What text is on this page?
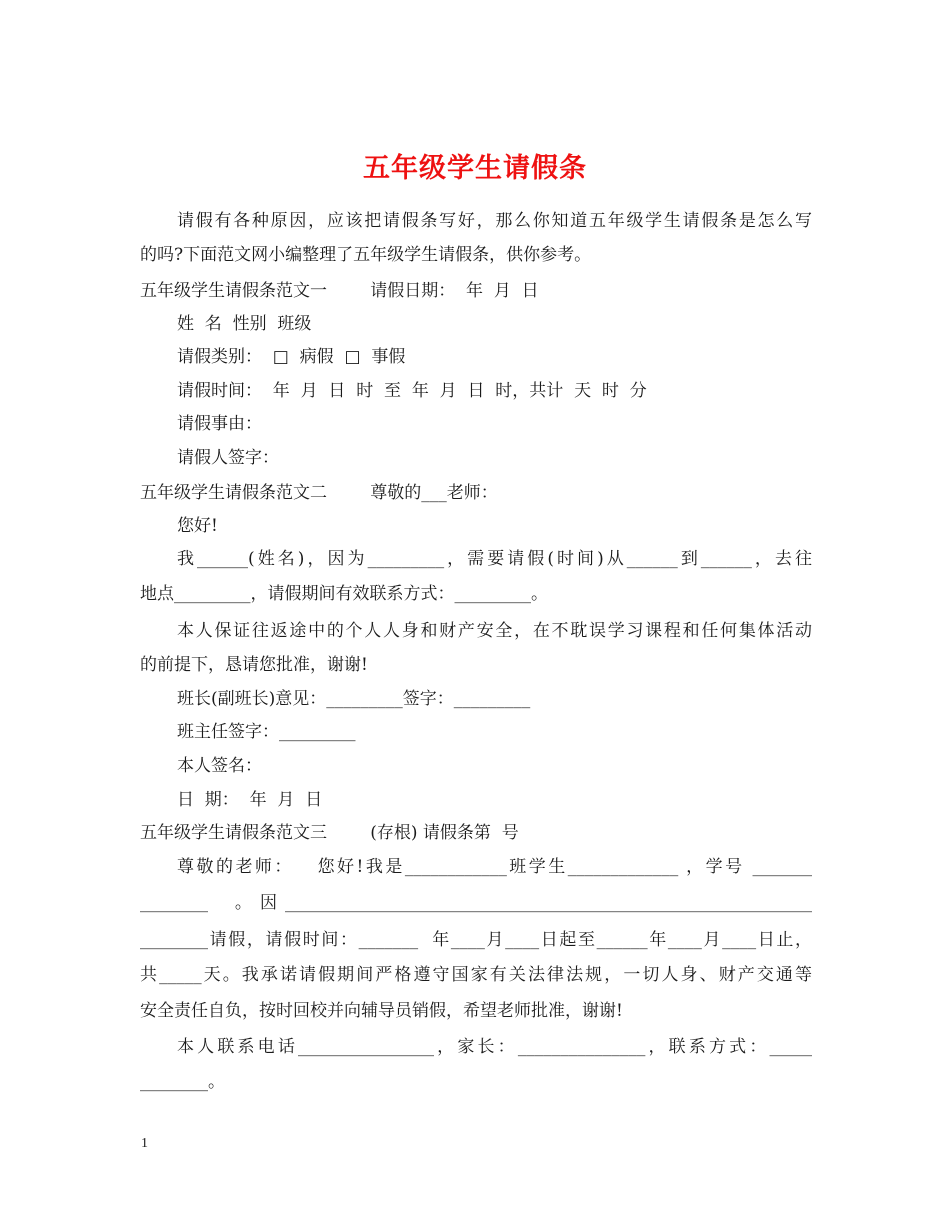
五年级学生请假条

请假有各种原因，应该把请假条写好，那么你知道五年级学生请假条是怎么写

的吗?下面范文网小编整理了五年级学生请假条，供你参考。

五年级学生请假条范文一        请假日期：  年  月  日

姓  名  性别  班级

请假类别：  □  病假  □  事假

请假时间：  年  月  日  时  至  年  月  日  时，共计  天  时  分

请假事由：

请假人签字：

五年级学生请假条范文二        尊敬的___老师：

您好!

我______(姓名)，因为_________，需要请假(时间)从______到______，去往

地点_________，请假期间有效联系方式：_________。

本人保证往返途中的个人人身和财产安全，在不耽误学习课程和任何集体活动

的前提下，恳请您批准，谢谢!

班长(副班长)意见：_________签字：_________

班主任签字：_________

本人签名：

日  期：  年  月  日

五年级学生请假条范文三        (存根) 请假条第  号

尊敬的老师：   您好!我是____________班学生_____________ ，学号 _______

________  。因______________________________________________________________

________请假，请假时间：_______  年____月____日起至______年____月____日止，

共_____天。我承诺请假期间严格遵守国家有关法律法规，一切人身、财产交通等

安全责任自负，按时回校并向辅导员销假，希望老师批准，谢谢!

本人联系电话________________，家长：_______________，联系方式：_____

________。

1
